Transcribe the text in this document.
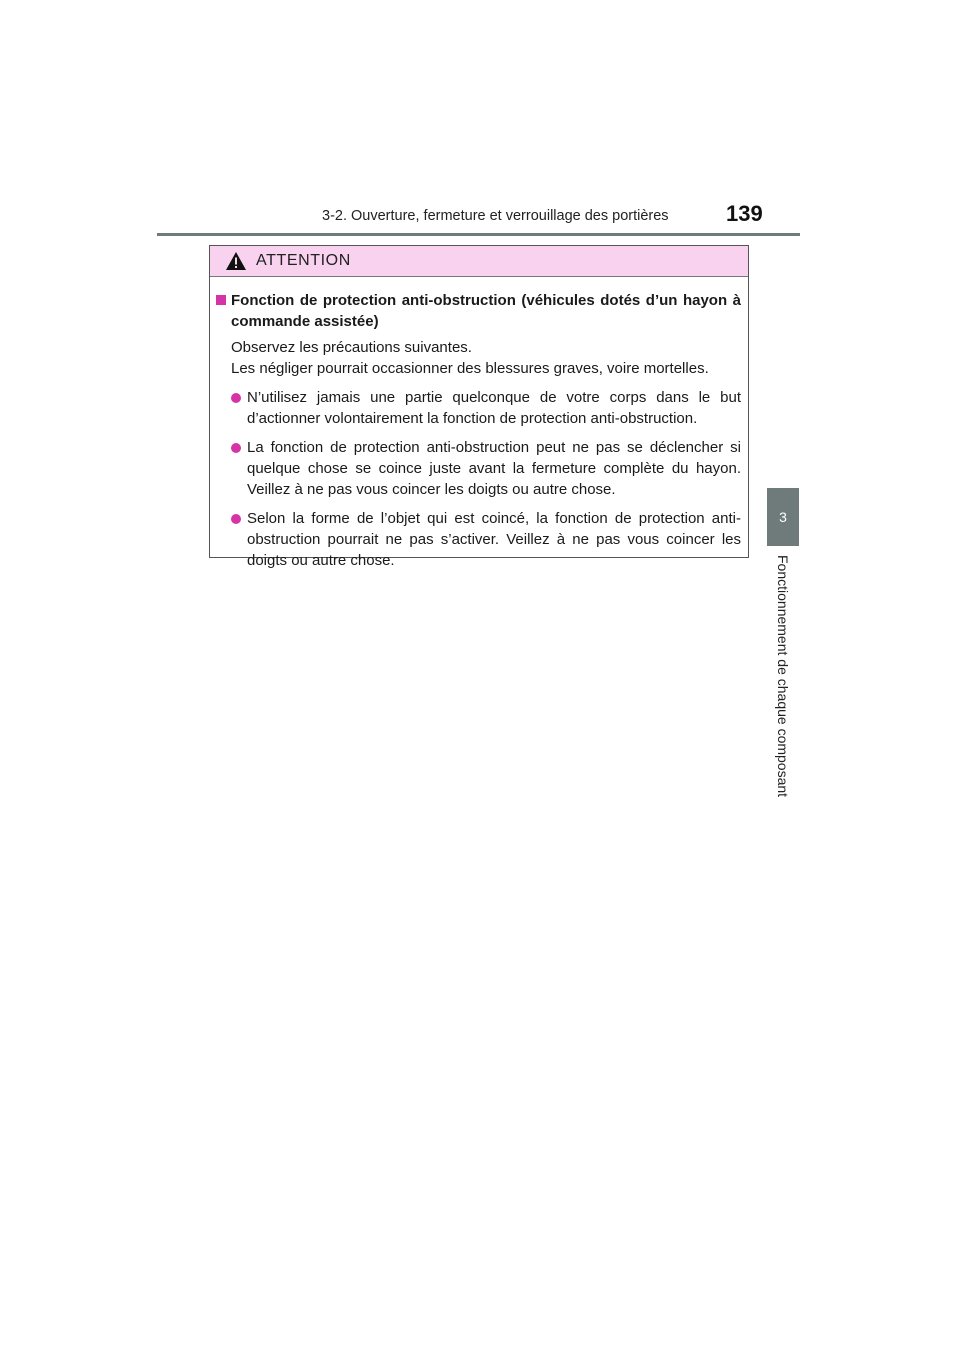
3-2. Ouverture, fermeture et verrouillage des portières	139
3
Fonctionnement de chaque composant
ATTENTION
Fonction de protection anti-obstruction (véhicules dotés d’un hayon à commande assistée)
Observez les précautions suivantes.
Les négliger pourrait occasionner des blessures graves, voire mortelles.
N’utilisez jamais une partie quelconque de votre corps dans le but d’actionner volontairement la fonction de protection anti-obstruction.
La fonction de protection anti-obstruction peut ne pas se déclencher si quelque chose se coince juste avant la fermeture complète du hayon. Veillez à ne pas vous coincer les doigts ou autre chose.
Selon la forme de l’objet qui est coincé, la fonction de protection anti-obstruction pourrait ne pas s’activer. Veillez à ne pas vous coincer les doigts ou autre chose.
